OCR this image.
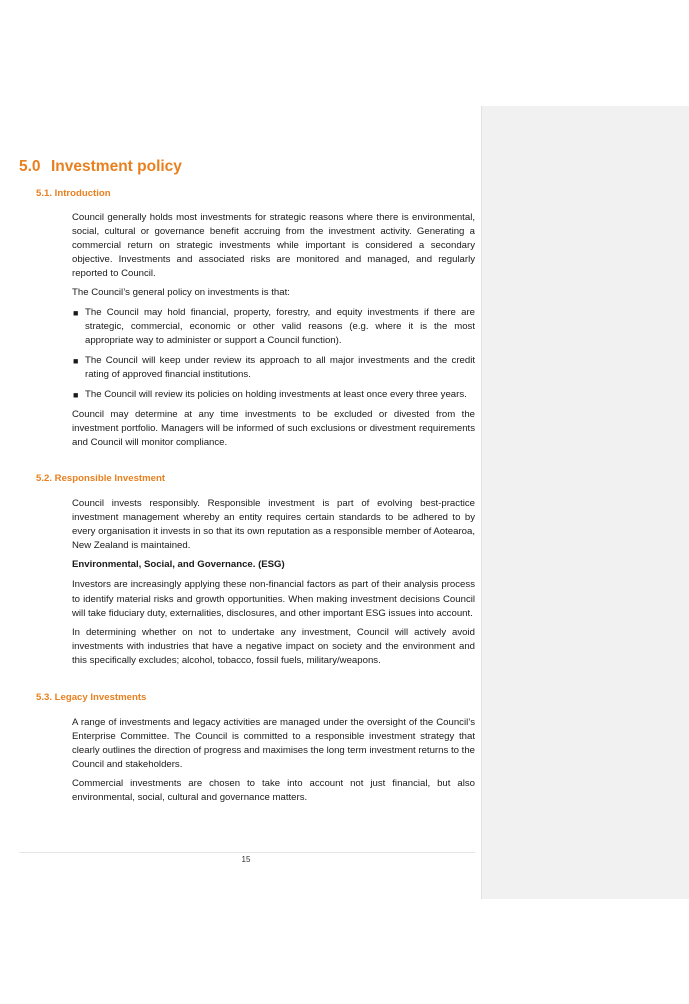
5.0 Investment policy
5.1. Introduction

Council generally holds most investments for strategic reasons where there is environmental, social, cultural or governance benefit accruing from the investment activity. Generating a commercial return on strategic investments while important is considered a secondary objective. Investments and associated risks are monitored and managed, and regularly reported to Council.

The Council’s general policy on investments is that:

■ The Council may hold financial, property, forestry, and equity investments if there are strategic, commercial, economic or other valid reasons (e.g. where it is the most appropriate way to administer or support a Council function).
■ The Council will keep under review its approach to all major investments and the credit rating of approved financial institutions.
■ The Council will review its policies on holding investments at least once every three years.

Council may determine at any time investments to be excluded or divested from the investment portfolio. Managers will be informed of such exclusions or divestment requirements and Council will monitor compliance.

5.2. Responsible Investment

Council invests responsibly. Responsible investment is part of evolving best-practice investment management whereby an entity requires certain standards to be adhered to by every organisation it invests in so that its own reputation as a responsible member of Aotearoa, New Zealand is maintained.

Environmental, Social, and Governance. (ESG)

Investors are increasingly applying these non-financial factors as part of their analysis process to identify material risks and growth opportunities. When making investment decisions Council will take fiduciary duty, externalities, disclosures, and other important ESG issues into account.

In determining whether on not to undertake any investment, Council will actively avoid investments with industries that have a negative impact on society and the environment and this specifically excludes; alcohol, tobacco, fossil fuels, military/weapons.

5.3. Legacy Investments

A range of investments and legacy activities are managed under the oversight of the Council’s Enterprise Committee. The Council is committed to a responsible investment strategy that clearly outlines the direction of progress and maximises the long term investment returns to the Council and stakeholders.

Commercial investments are chosen to take into account not just financial, but also environmental, social, cultural and governance matters.

15
